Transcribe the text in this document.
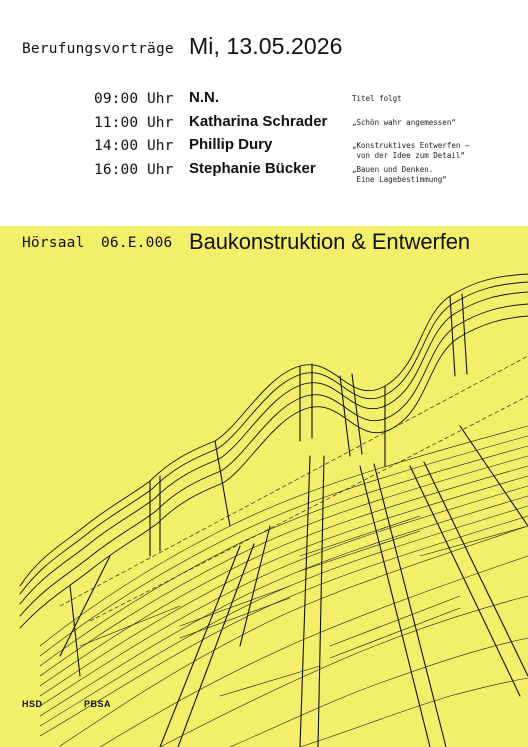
Berufungsvorträge Mi, 13.05.2026
09:00 Uhr N.N.	Titel folgt
11:00 Uhr Katharina Schrader	„Schön wahr angemessen“
14:00 Uhr Phillip Dury	„Konstruktives Entwerfen –
von der Idee zum Detail“
16:00 Uhr Stephanie Bücker	„Bauen und Denken.
Eine Lagebestimmung“
Hörsaal 06.E.006 Baukonstruktion & Entwerfen
HSD	PBSA
